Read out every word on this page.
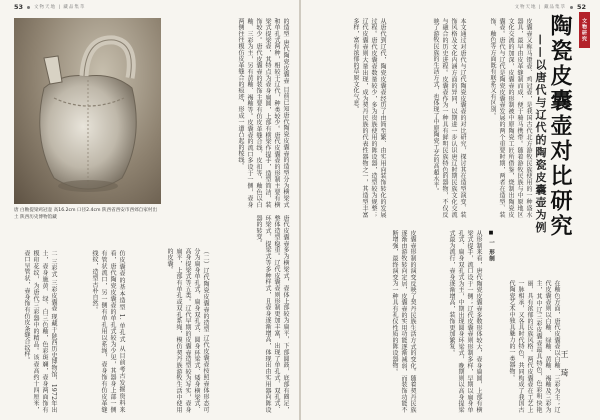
53 文物天地 | 藏品集萃
唐 白釉提梁鸡冠壶 高16.2cm 口径2.4cm 陕西省西安市西郊自家村出土 陕西历史博物馆藏
的造型 唐代陶瓷皮囊壶 目前已知唐代陶瓷皮囊壶的造型分为横梁式和单孔式两种，相较于辽代，种类较少。唐代皮囊壶的形制主要有横梁式提梁壶，其特点为壶身扁圆，上部有横梁作提手，造型简洁，装饰较少。唐代皮囊壶的装饰主要有仿皮革缝合线、皮扣等，釉色以白釉、三彩为主，另有黄釉、褐釉等。皮囊壶的流口多设于一侧，壶身两侧往往模仿皮革缝合的痕迹，形成一道凸起的棱线。
唐代皮囊壶多为横梁式，壶体上部较为扁平，下部圆鼓，底部有圈足，整体造型稳重。辽代皮囊壶则形制更加丰富，出现了单孔式、双孔式、环梁式、提梁式等多种样式，且壶身逐渐增高，体现出由实用器向陈设器的转变。
（二）辽代陶瓷皮囊壶的造型 辽代皮囊壶按照壶体形态可分为扁身单孔式、扁身双孔式、圆身环梁式、矮身横梁式、高身提梁式等五类。辽代早期的皮囊壶造型较为写实，壶身扁平，上部有单孔或双孔系绳，模仿契丹族游牧生活中使用的皮囊。
仿皮囊壶的基本造型 1. 单孔式 从目前考古发掘资料来看，唐代陶瓷皮囊壶的单孔式较为少见，其器身上部一侧有管状流口，另一侧有单孔用以系绳，壶身饰有仿皮革缝线纹，造型古朴自然。
二 三彩式 三彩皮囊壶 现藏于陕西历史博物馆，1972年出土，壶身施黄、绿、白三色釉，色彩斑斓，壶身两面饰有模印花纹，为唐代三彩器中的精品。该壶高约十四厘米，壶口呈管状，壶身饰有仿皮条缝合纹样。
文物天地 | 藏品集萃 52
文物研究
陶瓷皮囊壶对比研究
——以唐代与辽代的陶瓷皮囊壶为例
王 琦
皮囊壶又称马镫壶、鸡冠壶，是我国古代北方游牧民族使用的一种盛水器具，最早由皮革缝制而成，便于骑马携带。随着游牧民族与中原地区文化交流的加深，皮囊壶的形制被中原陶瓷工匠所借鉴，烧制出陶瓷皮囊壶。唐代与辽代是陶瓷皮囊壶发展的两个重要时期，两者在造型、装饰、釉色等方面既有联系又有区别。
本文通过对唐代与辽代陶瓷皮囊壶的对比研究，探讨其在造型演变、装饰风格及文化内涵方面的异同，以期进一步认识唐辽时期民族文化交流与融合的历史进程。皮囊壶作为一种具有鲜明民族特色的器物，不仅反映了游牧民族的生活方式，也体现了中原陶瓷工艺的高超水平。
从唐代到辽代，陶瓷皮囊壶经历了由简至繁、由实用向装饰转化的发展过程。唐代皮囊壶数量较少，多为贵族使用的陈设器，造型较为规整；辽代皮囊壶则大量出现，成为契丹民族的代表性器物之一，其造型丰富多样，富有浓郁的草原文化气息。
■ 一 形制
从形制来看，唐代陶瓷皮囊壶多数形体较大，壶身扁圆，上部有横梁式提手，流口设于一侧；辽代皮囊壶则形制多样，早期以扁身单孔式、扁身双孔式为主，中期出现圆身环梁式，晚期则以高身提梁式最为流行，壶身逐渐增高，装饰更加繁复。
皮囊壶形制的演变反映了契丹民族生活方式的变化。随着契丹民族逐渐由游牧转向定居，皮囊壶的实用功能逐渐减弱，而装饰功能不断增强，最终演变为一种具有礼仪性质的陈设器物。	在釉色方面，唐代皮囊壶以白釉、三彩为主；辽代皮囊壶则以白釉、绿釉、黄釉、褐釉及三彩为主，其中辽三彩皮囊壶最具特色，色彩明快艳丽，具有浓郁的民族风格。两代皮囊壶在工艺上一脉相承，又各具时代特色，共同构成了我国古代陶瓷艺术中独具魅力的一类器物。
